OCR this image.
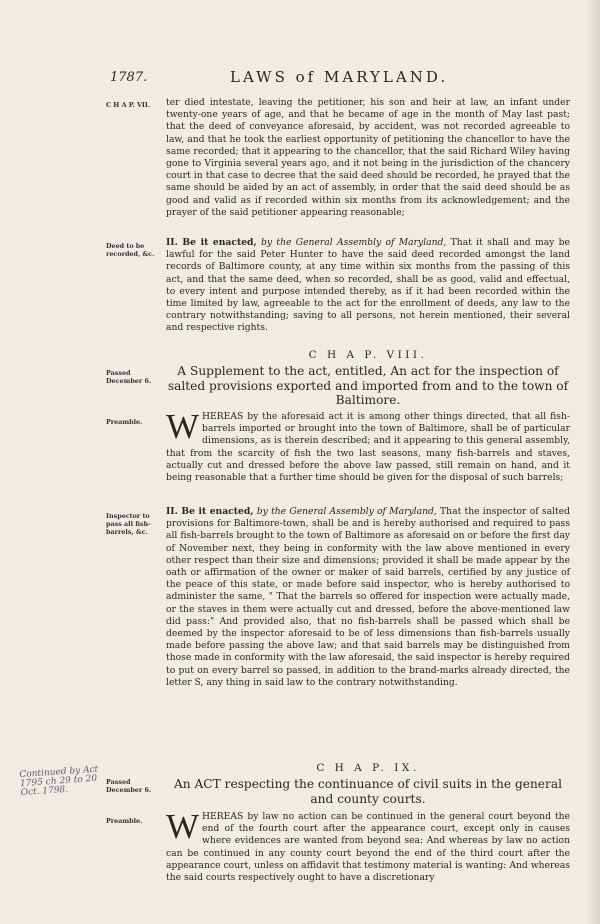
1787.	LAWS of MARYLAND.
C H A P. VII.
Deed to be recorded, &c.
Passed December 6.
Preamble.
Inspector to pass all fish-barrels, &c.
Passed December 6.
Preamble.
Continued by Act 1795 ch 29 to 20 Oct. 1798.

ter died intestate, leaving the petitioner, his son and heir at law, an infant under twenty-one years of age, and that he became of age in the month of May last past; that the deed of conveyance aforesaid, by accident, was not recorded agreeable to law, and that he took the earliest opportunity of petitioning the chancellor to have the same recorded; that it appearing to the chancellor, that the said Richard Wiley having gone to Virginia several years ago, and it not being in the jurisdiction of the chancery court in that case to decree that the said deed should be recorded, he prayed that the same should be aided by an act of assembly, in order that the said deed should be as good and valid as if recorded within six months from its acknowledgement; and the prayer of the said petitioner appearing reasonable;

II. Be it enacted, by the General Assembly of Maryland, That it shall and may be lawful for the said Peter Hunter to have the said deed recorded amongst the land records of Baltimore county, at any time within six months from the passing of this act, and that the same deed, when so recorded, shall be as good, valid and effectual, to every intent and purpose intended thereby, as if it had been recorded within the time limited by law, agreeable to the act for the enrollment of deeds, any law to the contrary notwithstanding; saving to all persons, not herein mentioned, their several and respective rights.

C H A P. VIII.
A Supplement to the act, entitled, An act for the inspection of salted provisions exported and imported from and to the town of Baltimore.

WHEREAS by the aforesaid act it is among other things directed, that all fish-barrels imported or brought into the town of Baltimore, shall be of particular dimensions, as is therein described; and it appearing to this general assembly, that from the scarcity of fish the two last seasons, many fish-barrels and staves, actually cut and dressed before the above law passed, still remain on hand, and it being reasonable that a further time should be given for the disposal of such barrels;

II. Be it enacted, by the General Assembly of Maryland, That the inspector of salted provisions for Baltimore-town, shall be and is hereby authorised and required to pass all fish-barrels brought to the town of Baltimore as aforesaid on or before the first day of November next, they being in conformity with the law above mentioned in every other respect than their size and dimensions; provided it shall be made appear by the oath or affirmation of the owner or maker of said barrels, certified by any justice of the peace of this state, or made before said inspector, who is hereby authorised to administer the same, " That the barrels so offered for inspection were actually made, or the staves in them were actually cut and dressed, before the above-mentioned law did pass:" And provided also, that no fish-barrels shall be passed which shall be deemed by the inspector aforesaid to be of less dimensions than fish-barrels usually made before passing the above law; and that said barrels may be distinguished from those made in conformity with the law aforesaid, the said inspector is hereby required to put on every barrel so passed, in addition to the brand-marks already directed, the letter S, any thing in said law to the contrary notwithstanding.

C H A P. IX.
An ACT respecting the continuance of civil suits in the general and county courts.

WHEREAS by law no action can be continued in the general court beyond the end of the fourth court after the appearance court, except only in causes where evidences are wanted from beyond sea: And whereas by law no action can be continued in any county court beyond the end of the third court after the appearance court, unless on affidavit that testimony material is wanting: And whereas the said courts respectively ought to have a discretionary
